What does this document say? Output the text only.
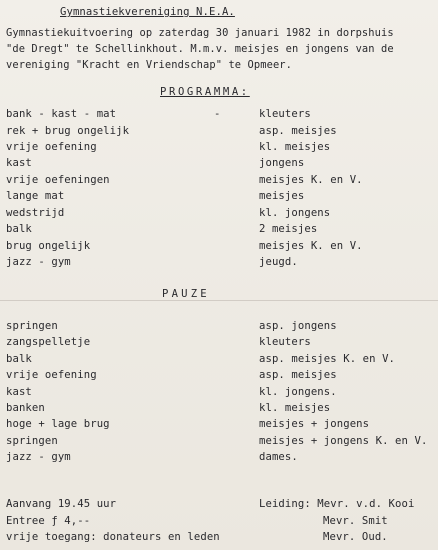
Gymnastiekvereniging N.E.A.
Gymnastiekuitvoering op zaterdag 30 januari 1982 in dorpshuis
"de Dregt" te Schellinkhout. M.m.v. meisjes en jongens van de
vereniging "Kracht en Vriendschap" te Opmeer.
PROGRAMMA:
bank - kast - mat	-	kleuters
rek + brug ongelijk	asp. meisjes
vrije oefening	kl. meisjes
kast	jongens
vrije oefeningen	meisjes K. en V.
lange mat	meisjes
wedstrijd	kl. jongens
balk	2 meisjes
brug ongelijk	meisjes K. en V.
jazz - gym	jeugd.
PAUZE
springen	asp. jongens
zangspelletje	kleuters
balk	asp. meisjes K. en V.
vrije oefening	asp. meisjes
kast	kl. jongens.
banken	kl. meisjes
hoge + lage brug	meisjes + jongens
springen	meisjes + jongens K. en V.
jazz - gym	dames.
Aanvang 19.45 uur
Entree ƒ 4,--
vrije toegang: donateurs en leden
Leiding: Mevr. v.d. Kooi
Mevr. Smit
Mevr. Oud.
